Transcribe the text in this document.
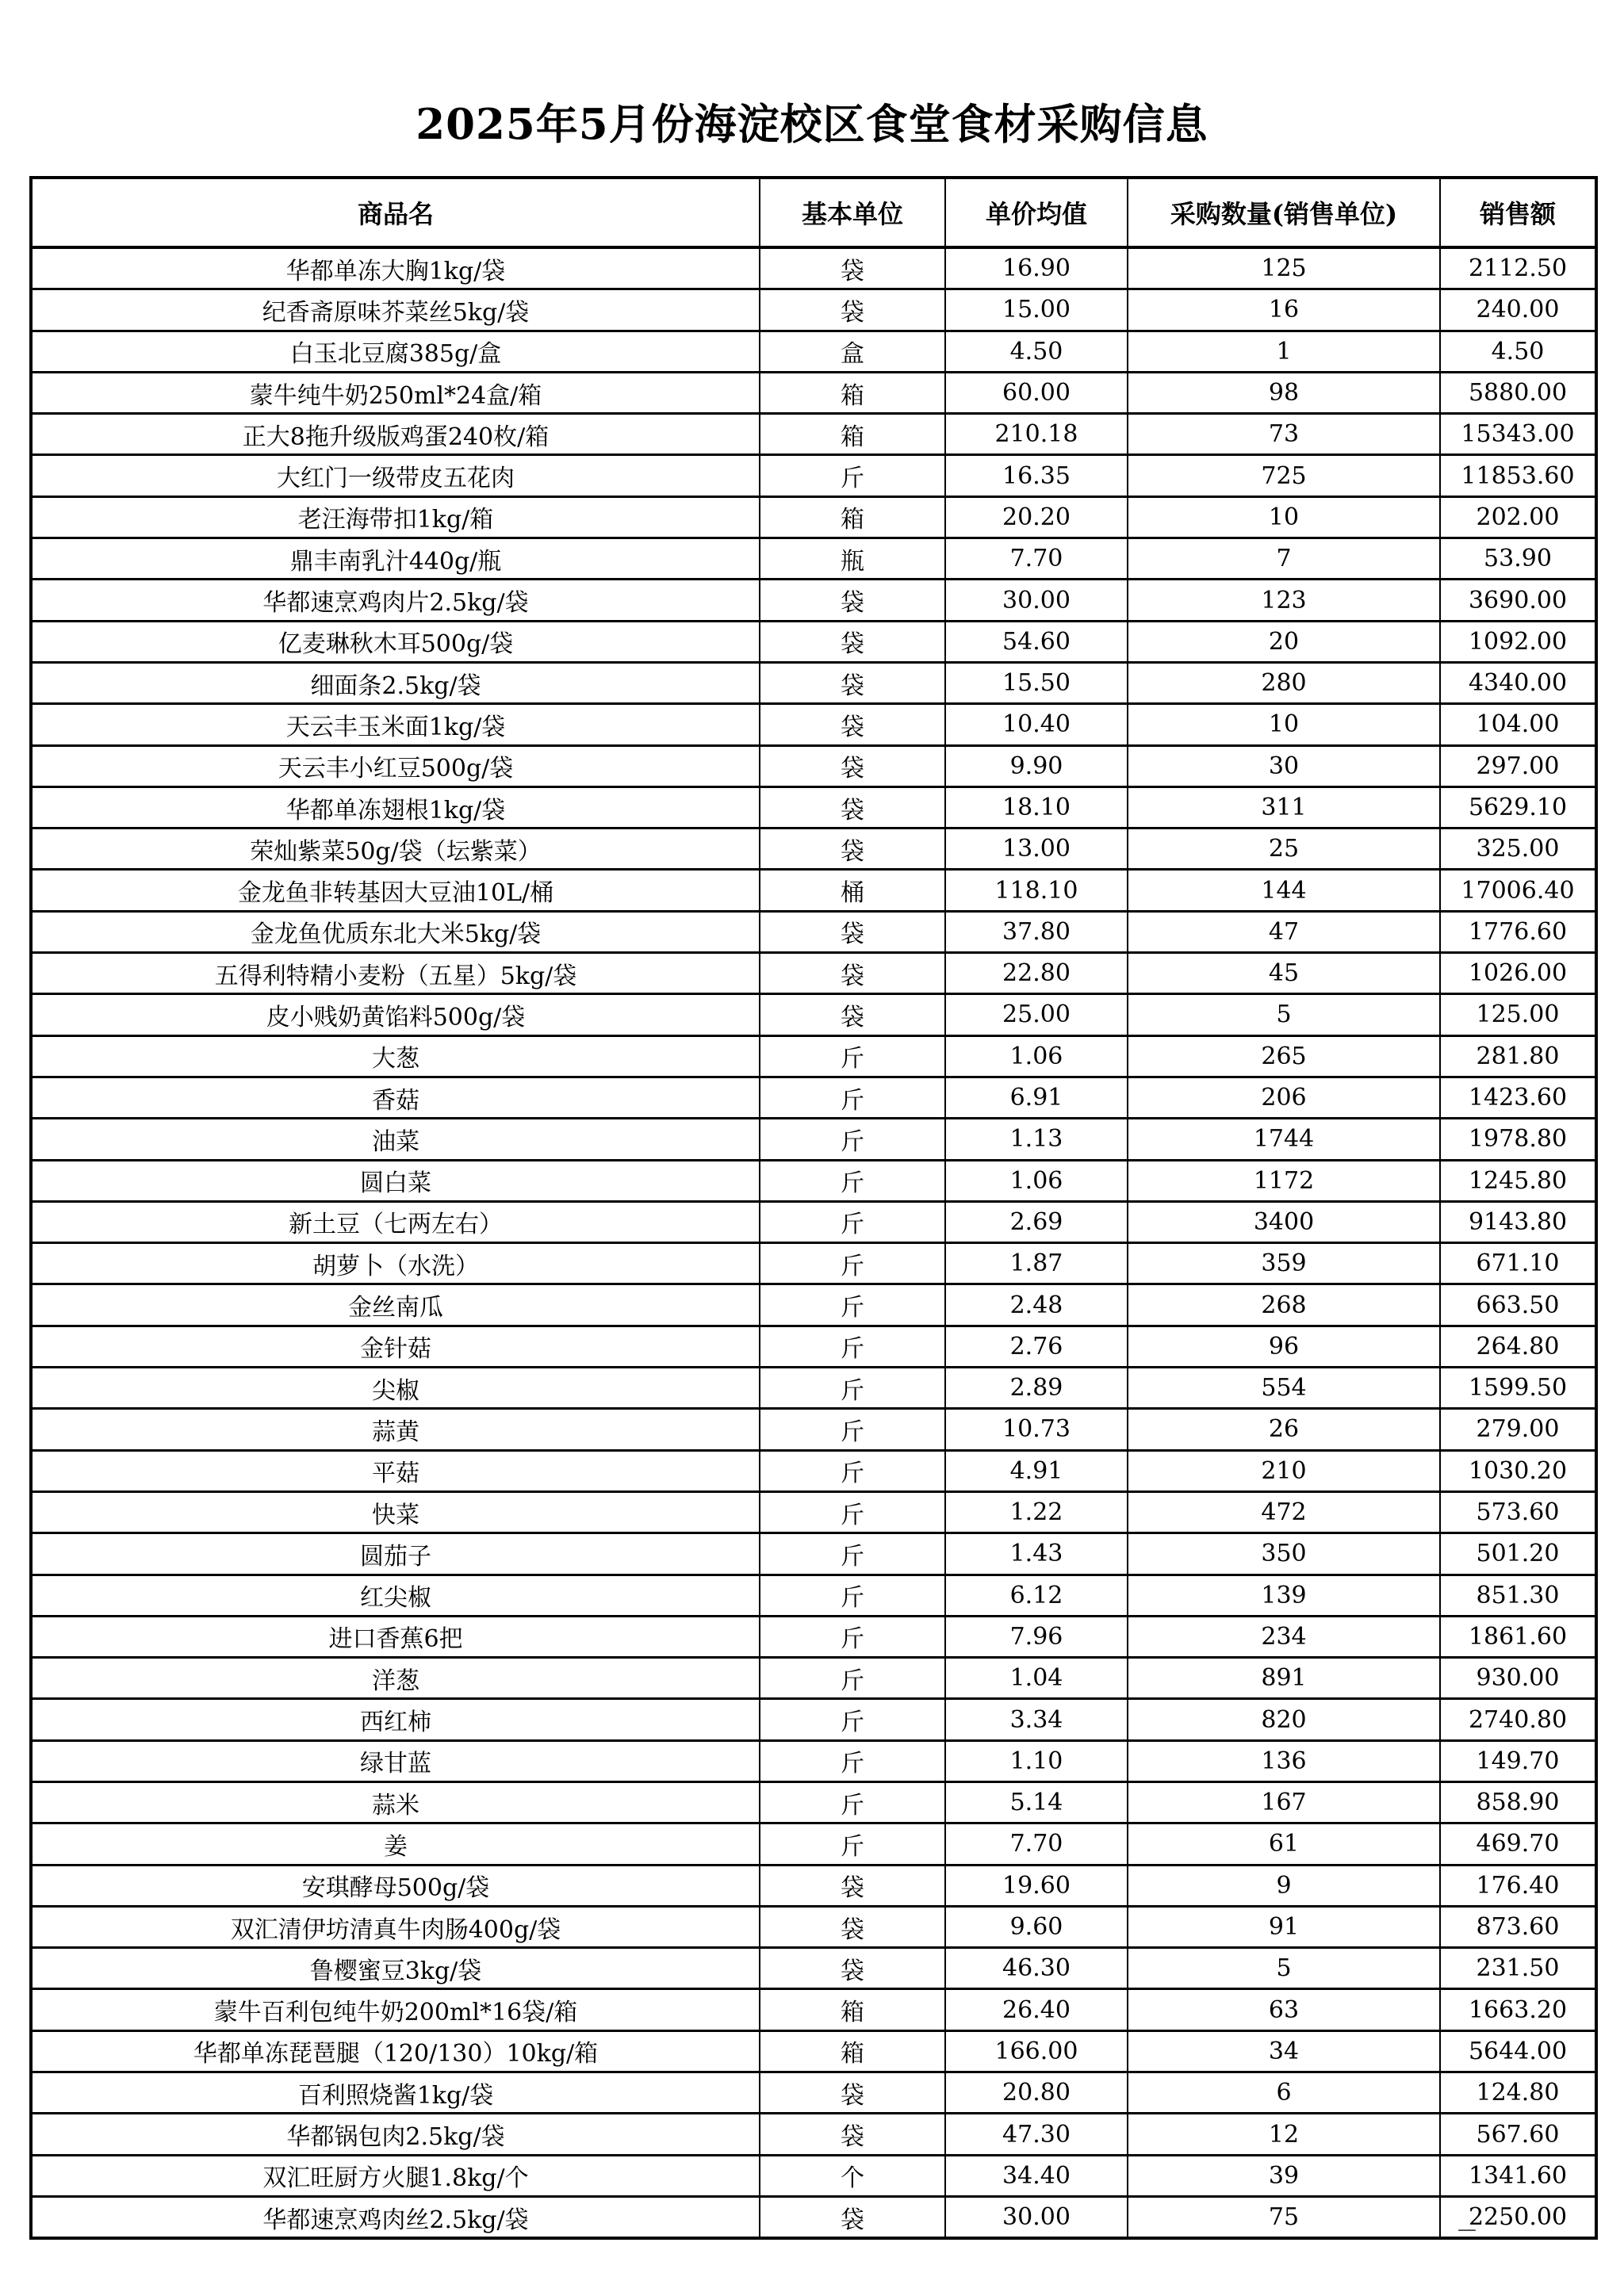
2025年5月份海淀校区食堂食材采购信息
商品名	基本单位	单价均值	采购数量(销售单位)	销售额
华都单冻大胸1kg/袋	袋	16.90	125	2112.50
纪香斋原味芥菜丝5kg/袋	袋	15.00	16	240.00
白玉北豆腐385g/盒	盒	4.50	1	4.50
蒙牛纯牛奶250ml*24盒/箱	箱	60.00	98	5880.00
正大8拖升级版鸡蛋240枚/箱	箱	210.18	73	15343.00
大红门一级带皮五花肉	斤	16.35	725	11853.60
老汪海带扣1kg/箱	箱	20.20	10	202.00
鼎丰南乳汁440g/瓶	瓶	7.70	7	53.90
华都速烹鸡肉片2.5kg/袋	袋	30.00	123	3690.00
亿麦琳秋木耳500g/袋	袋	54.60	20	1092.00
细面条2.5kg/袋	袋	15.50	280	4340.00
天云丰玉米面1kg/袋	袋	10.40	10	104.00
天云丰小红豆500g/袋	袋	9.90	30	297.00
华都单冻翅根1kg/袋	袋	18.10	311	5629.10
荣灿紫菜50g/袋（坛紫菜）	袋	13.00	25	325.00
金龙鱼非转基因大豆油10L/桶	桶	118.10	144	17006.40
金龙鱼优质东北大米5kg/袋	袋	37.80	47	1776.60
五得利特精小麦粉（五星）5kg/袋	袋	22.80	45	1026.00
皮小贱奶黄馅料500g/袋	袋	25.00	5	125.00
大葱	斤	1.06	265	281.80
香菇	斤	6.91	206	1423.60
油菜	斤	1.13	1744	1978.80
圆白菜	斤	1.06	1172	1245.80
新土豆（七两左右）	斤	2.69	3400	9143.80
胡萝卜（水洗）	斤	1.87	359	671.10
金丝南瓜	斤	2.48	268	663.50
金针菇	斤	2.76	96	264.80
尖椒	斤	2.89	554	1599.50
蒜黄	斤	10.73	26	279.00
平菇	斤	4.91	210	1030.20
快菜	斤	1.22	472	573.60
圆茄子	斤	1.43	350	501.20
红尖椒	斤	6.12	139	851.30
进口香蕉6把	斤	7.96	234	1861.60
洋葱	斤	1.04	891	930.00
西红柿	斤	3.34	820	2740.80
绿甘蓝	斤	1.10	136	149.70
蒜米	斤	5.14	167	858.90
姜	斤	7.70	61	469.70
安琪酵母500g/袋	袋	19.60	9	176.40
双汇清伊坊清真牛肉肠400g/袋	袋	9.60	91	873.60
鲁樱蜜豆3kg/袋	袋	46.30	5	231.50
蒙牛百利包纯牛奶200ml*16袋/箱	箱	26.40	63	1663.20
华都单冻琵琶腿（120/130）10kg/箱	箱	166.00	34	5644.00
百利照烧酱1kg/袋	袋	20.80	6	124.80
华都锅包肉2.5kg/袋	袋	47.30	12	567.60
双汇旺厨方火腿1.8kg/个	个	34.40	39	1341.60
华都速烹鸡肉丝2.5kg/袋	袋	30.00	75	2250.00
—
